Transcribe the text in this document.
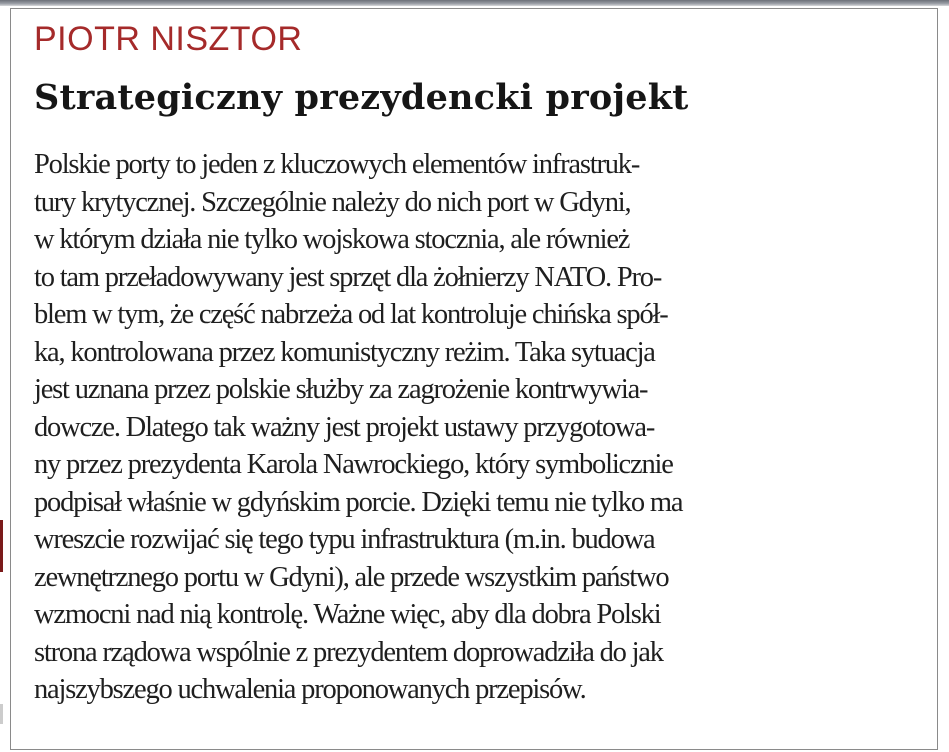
PIOTR NISZTOR

Strategiczny prezydencki projekt
Polskie porty to jeden z kluczowych elementów infrastruk-
tury krytycznej. Szczególnie należy do nich port w Gdyni,
w którym działa nie tylko wojskowa stocznia, ale również
to tam przeładowywany jest sprzęt dla żołnierzy NATO. Pro-
blem w tym, że część nabrzeża od lat kontroluje chińska spół-
ka, kontrolowana przez komunistyczny reżim. Taka sytuacja
jest uznana przez polskie służby za zagrożenie kontrwywia-
dowcze. Dlatego tak ważny jest projekt ustawy przygotowa-
ny przez prezydenta Karola Nawrockiego, który symbolicznie
podpisał właśnie w gdyńskim porcie. Dzięki temu nie tylko ma
wreszcie rozwijać się tego typu infrastruktura (m.in. budowa
zewnętrznego portu w Gdyni), ale przede wszystkim państwo
wzmocni nad nią kontrolę. Ważne więc, aby dla dobra Polski
strona rządowa wspólnie z prezydentem doprowadziła do jak
najszybszego uchwalenia proponowanych przepisów.
